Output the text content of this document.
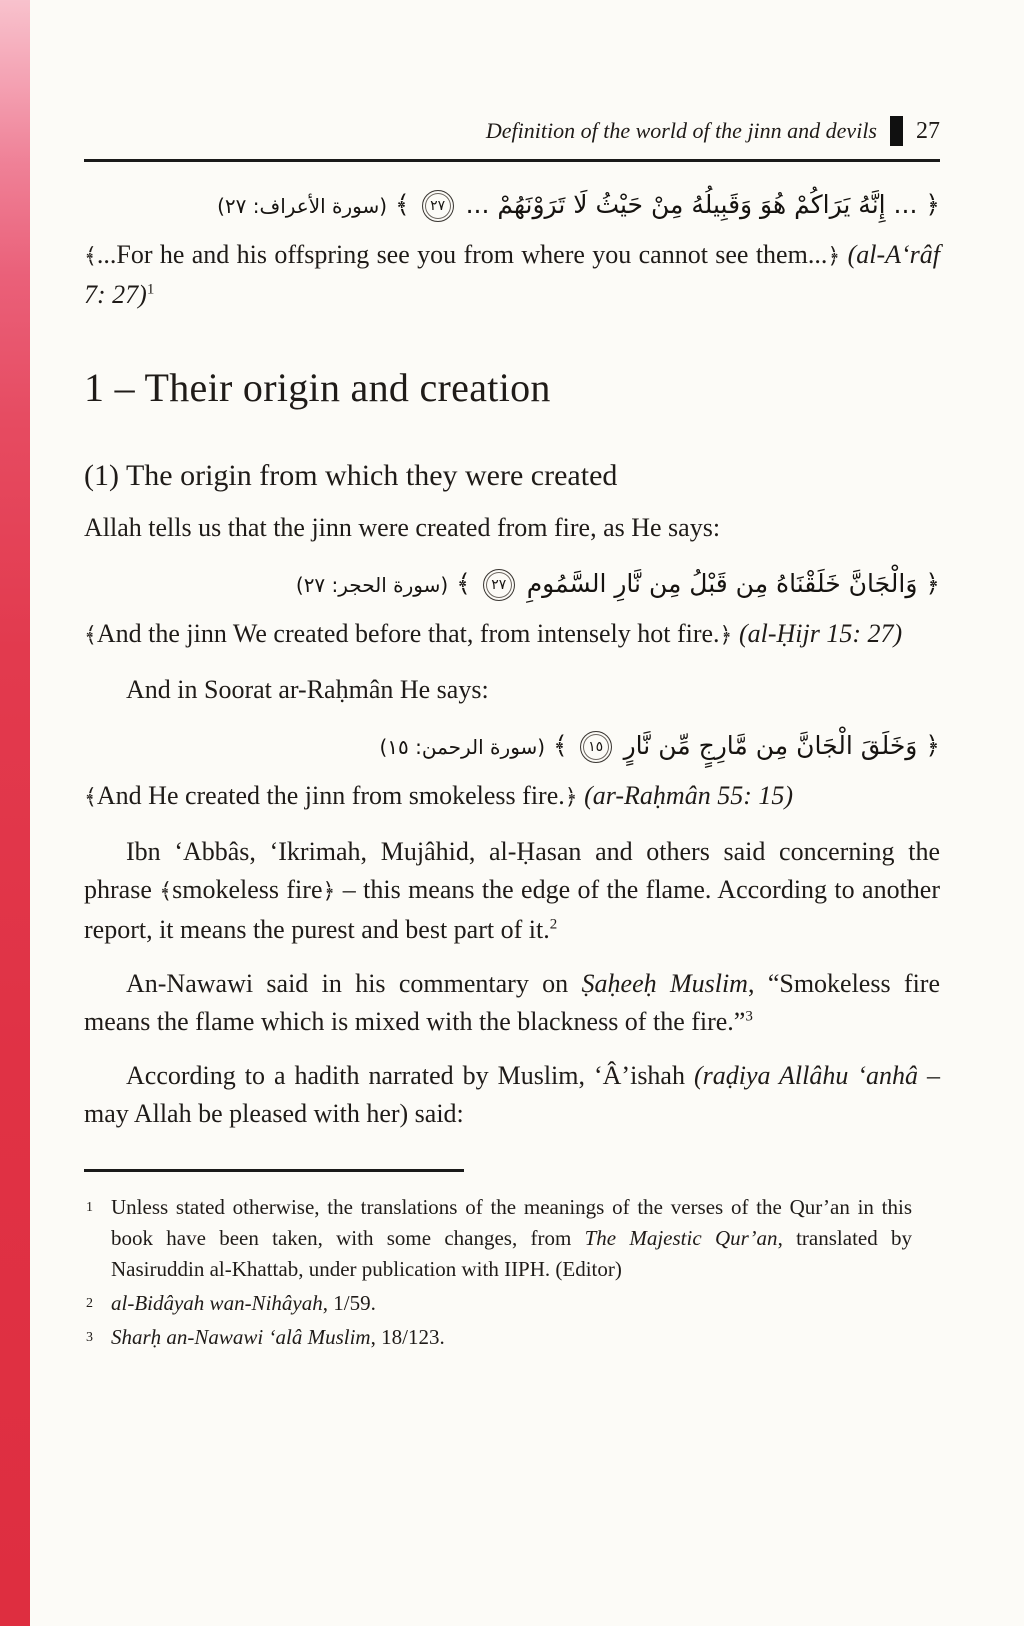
Definition of the world of the jinn and devils 27
﴿ ... إِنَّهُ يَرَاكُمْ هُوَ وَقَبِيلُهُ مِنْ حَيْثُ لَا تَرَوْنَهُمْ ... ٢٧ ﴾ (سورة الأعراف: ٢٧)

﴾...For he and his offspring see you from where you cannot see them...﴿ (al-A‘râf 7: 27)$^1$

1 – Their origin and creation
(1) The origin from which they were created

Allah tells us that the jinn were created from fire, as He says:

﴿ وَالْجَانَّ خَلَقْنَاهُ مِن قَبْلُ مِن نَّارِ السَّمُومِ ٢٧ ﴾ (سورة الحجر: ٢٧)

﴾And the jinn We created before that, from intensely hot fire.﴿ (al-Ḥijr 15: 27)

And in Soorat ar-Raḥmân He says:

﴿ وَخَلَقَ الْجَانَّ مِن مَّارِجٍ مِّن نَّارٍ ١٥ ﴾ (سورة الرحمن: ١٥)

﴾And He created the jinn from smokeless fire.﴿ (ar-Raḥmân 55: 15)

Ibn ‘Abbâs, ‘Ikrimah, Mujâhid, al-Ḥasan and others said concerning the phrase ﴾smokeless fire﴿ – this means the edge of the flame. According to another report, it means the purest and best part of it.$^2$

An-Nawawi said in his commentary on Ṣaḥeeḥ Muslim, “Smokeless fire means the flame which is mixed with the blackness of the fire.”$^3$

According to a hadith narrated by Muslim, ‘Â’ishah (raḍiya Allâhu ‘anhâ – may Allah be pleased with her) said:

1 Unless stated otherwise, the translations of the meanings of the verses of the Qur’an in this book have been taken, with some changes, from The Majestic Qur’an, translated by Nasiruddin al-Khattab, under publication with IIPH. (Editor)
2 al-Bidâyah wan-Nihâyah, 1/59.
3 Sharḥ an-Nawawi ‘alâ Muslim, 18/123.
